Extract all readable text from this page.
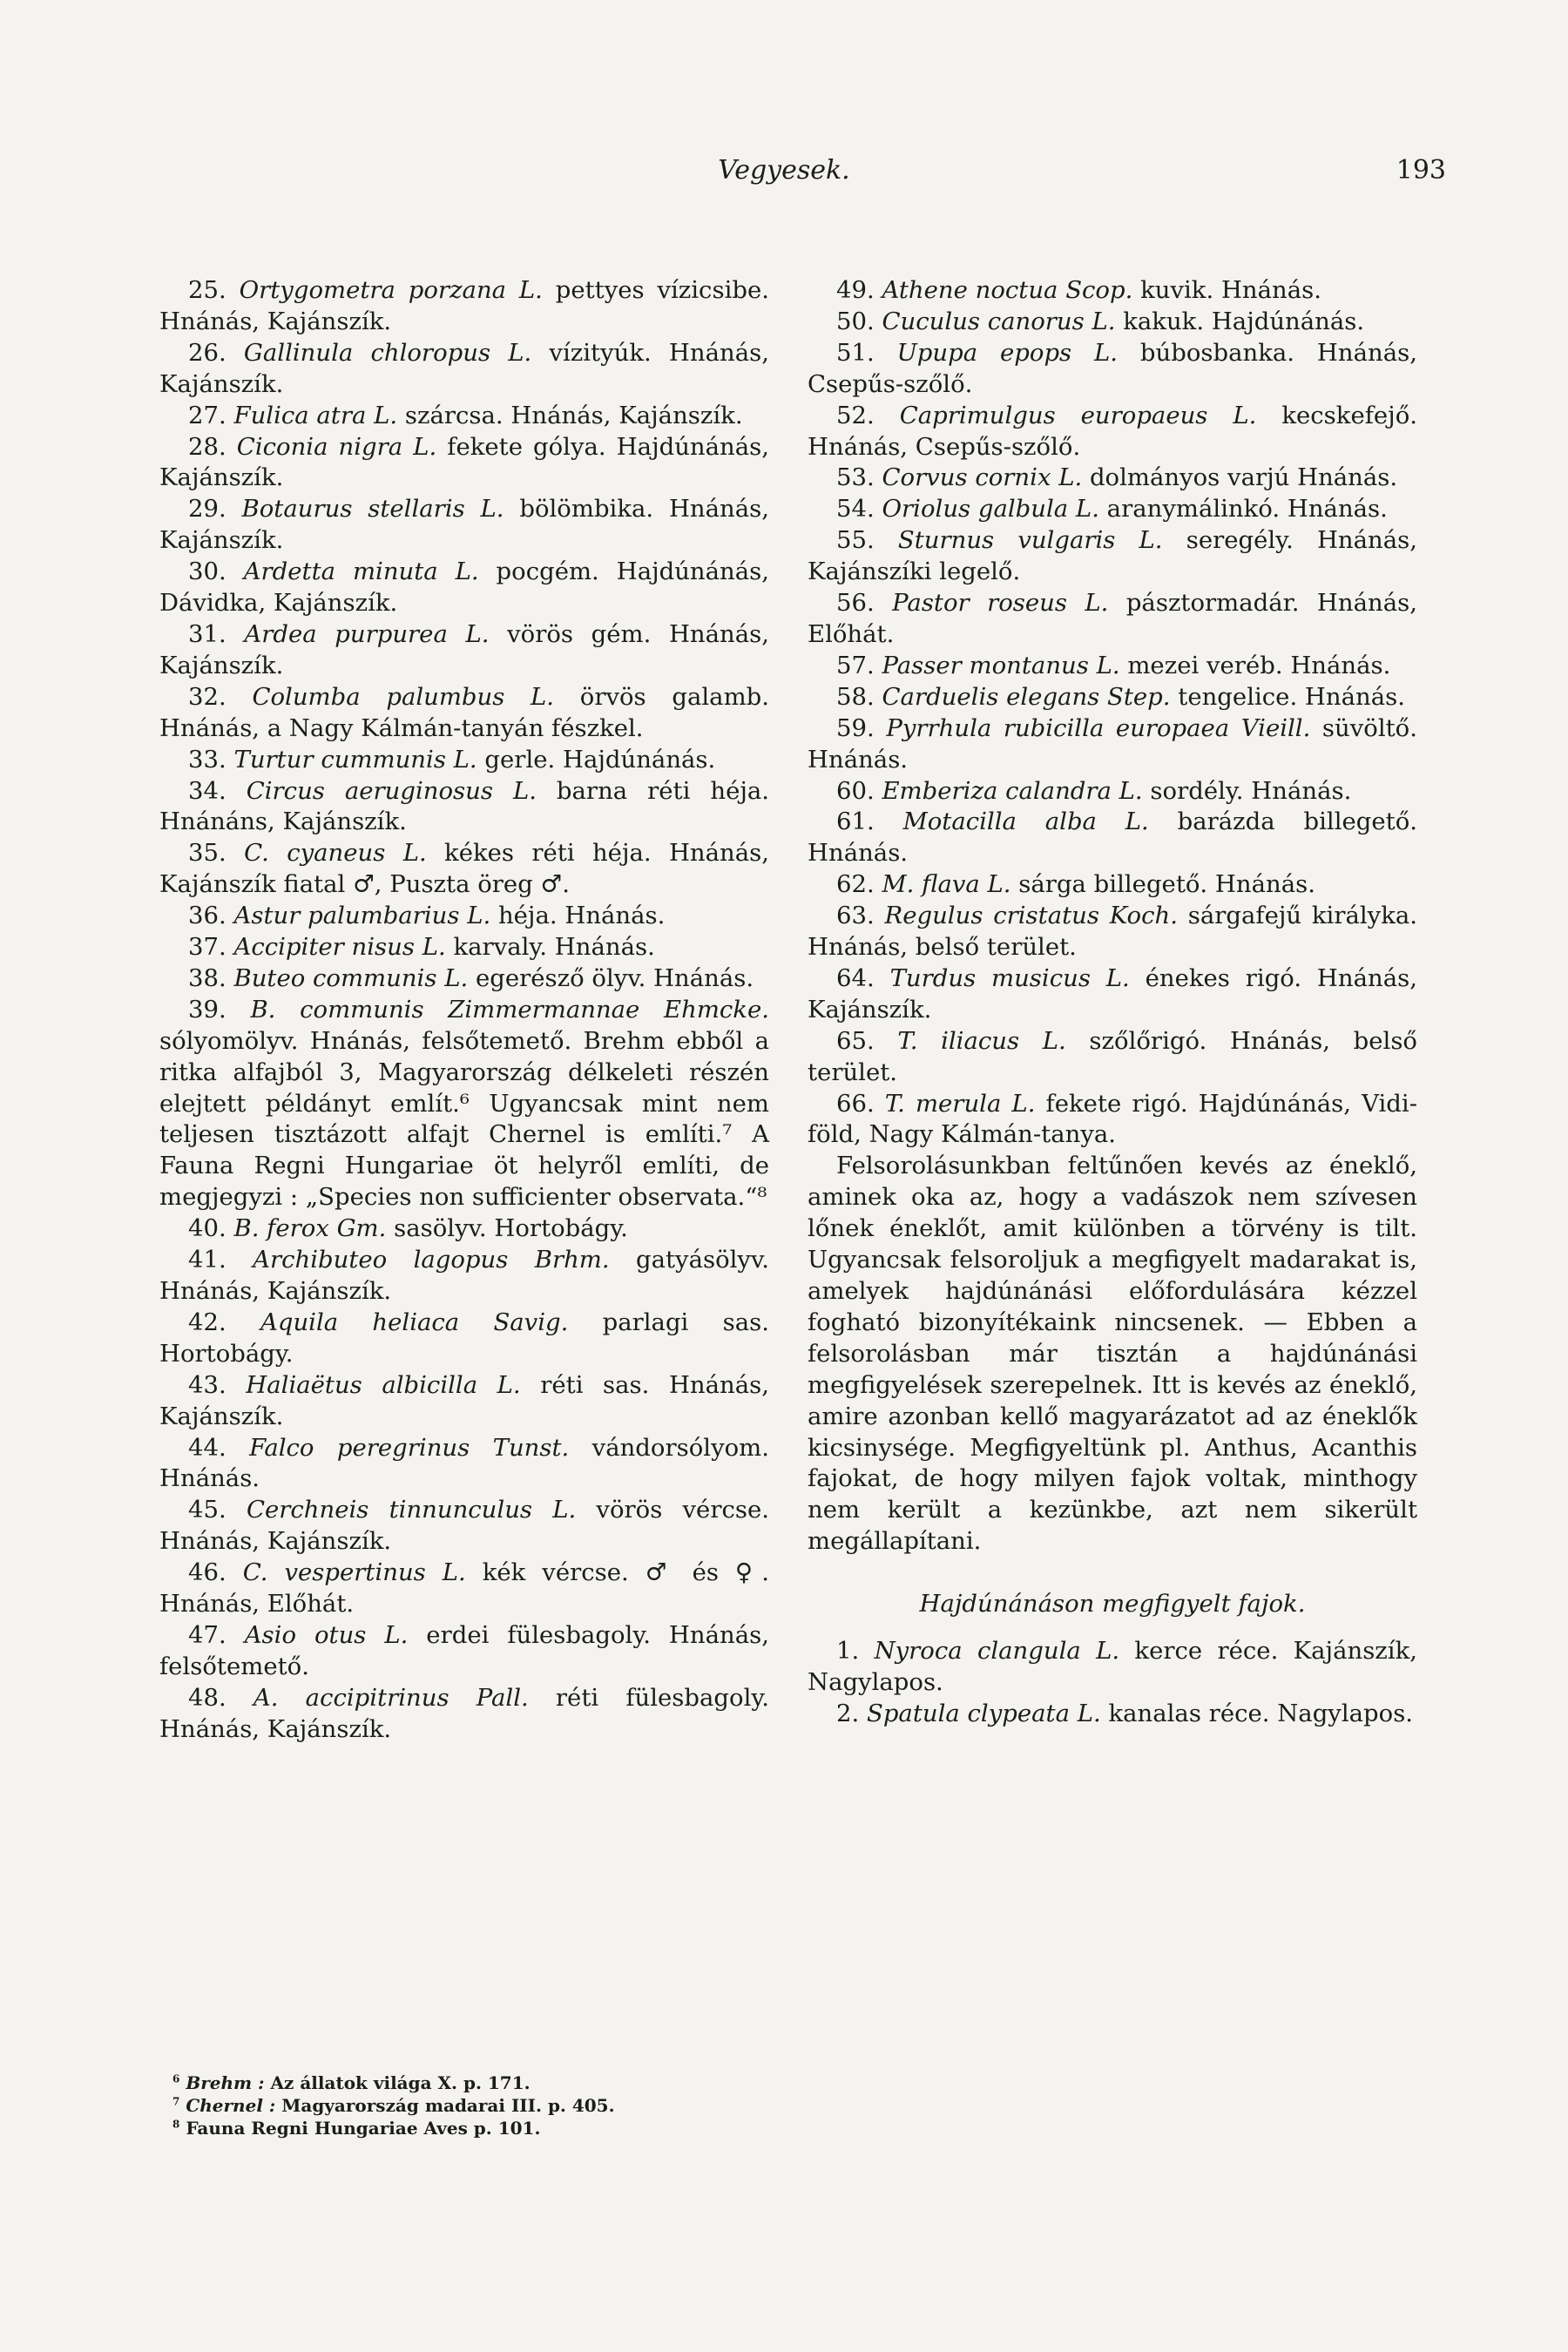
Vegyesek.	193

25. Ortygometra porzana L. pettyes vízicsibe. Hnánás, Kajánszík.

26. Gallinula chloropus L. vízityúk. Hnánás, Kajánszík.

27. Fulica atra L. szárcsa. Hnánás, Kajánszík.

28. Ciconia nigra L. fekete gólya. Hajdúnánás, Kajánszík.

29. Botaurus stellaris L. bölömbika. Hnánás, Kajánszík.

30. Ardetta minuta L. pocgém. Hajdúnánás, Dávidka, Kajánszík.

31. Ardea purpurea L. vörös gém. Hnánás, Kajánszík.

32. Columba palumbus L. örvös galamb. Hnánás, a Nagy Kálmán-tanyán fészkel.

33. Turtur cummunis L. gerle. Hajdúnánás.

34. Circus aeruginosus L. barna réti héja. Hnánáns, Kajánszík.

35. C. cyaneus L. kékes réti héja. Hnánás, Kajánszík fiatal ♂, Puszta öreg ♂.

36. Astur palumbarius L. héja. Hnánás.

37. Accipiter nisus L. karvaly. Hnánás.

38. Buteo communis L. egerésző ölyv. Hnánás.

39. B. communis Zimmermannae Ehmcke. sólyomölyv. Hnánás, felsőtemető. Brehm ebből a ritka alfajból 3, Magyarország délkeleti részén elejtett példányt említ.⁶ Ugyancsak mint nem teljesen tisztázott alfajt Chernel is említi.⁷ A Fauna Regni Hungariae öt helyről említi, de megjegyzi : „Species non sufficienter observata.“⁸

40. B. ferox Gm. sasölyv. Hortobágy.

41. Archibuteo lagopus Brhm. gatyásölyv. Hnánás, Kajánszík.

42. Aquila heliaca Savig. parlagi sas. Hortobágy.

43. Haliaëtus albicilla L. réti sas. Hnánás, Kajánszík.

44. Falco peregrinus Tunst. vándorsólyom. Hnánás.

45. Cerchneis tinnunculus L. vörös vércse. Hnánás, Kajánszík.

46. C. vespertinus L. kék vércse. ♂ és ♀. Hnánás, Előhát.

47. Asio otus L. erdei fülesbagoly. Hnánás, felsőtemető.

48. A. accipitrinus Pall. réti fülesbagoly. Hnánás, Kajánszík.

49. Athene noctua Scop. kuvik. Hnánás.

50. Cuculus canorus L. kakuk. Hajdúnánás.

51. Upupa epops L. búbosbanka. Hnánás, Csepűs-szőlő.

52. Caprimulgus europaeus L. kecskefejő. Hnánás, Csepűs-szőlő.

53. Corvus cornix L. dolmányos varjú Hnánás.

54. Oriolus galbula L. aranymálinkó. Hnánás.

55. Sturnus vulgaris L. seregély. Hnánás, Kajánszíki legelő.

56. Pastor roseus L. pásztormadár. Hnánás, Előhát.

57. Passer montanus L. mezei veréb. Hnánás.

58. Carduelis elegans Step. tengelice. Hnánás.

59. Pyrrhula rubicilla europaea Vieill. süvöltő. Hnánás.

60. Emberiza calandra L. sordély. Hnánás.

61. Motacilla alba L. barázda billegető. Hnánás.

62. M. flava L. sárga billegető. Hnánás.

63. Regulus cristatus Koch. sárgafejű királyka. Hnánás, belső terület.

64. Turdus musicus L. énekes rigó. Hnánás, Kajánszík.

65. T. iliacus L. szőlőrigó. Hnánás, belső terület.

66. T. merula L. fekete rigó. Hajdúnánás, Vidi-föld, Nagy Kálmán-tanya.

Felsorolásunkban feltűnően kevés az éneklő, aminek oka az, hogy a vadászok nem szívesen lőnek éneklőt, amit különben a törvény is tilt. Ugyancsak felsoroljuk a megfigyelt madarakat is, amelyek hajdúnánási előfordulására kézzel fogható bizonyítékaink nincsenek. — Ebben a felsorolásban már tisztán a hajdúnánási megfigyelések szerepelnek. Itt is kevés az éneklő, amire azonban kellő magyarázatot ad az éneklők kicsinysége. Megfigyeltünk pl. Anthus, Acanthis fajokat, de hogy milyen fajok voltak, minthogy nem került a kezünkbe, azt nem sikerült megállapítani.

Hajdúnánáson megfigyelt fajok.

1. Nyroca clangula L. kerce réce. Kajánszík, Nagylapos.

2. Spatula clypeata L. kanalas réce. Nagylapos.

$^6$ Brehm : Az állatok világa X. p. 171.

$^7$ Chernel : Magyarország madarai III. p. 405.

$^8$ Fauna Regni Hungariae Aves p. 101.
